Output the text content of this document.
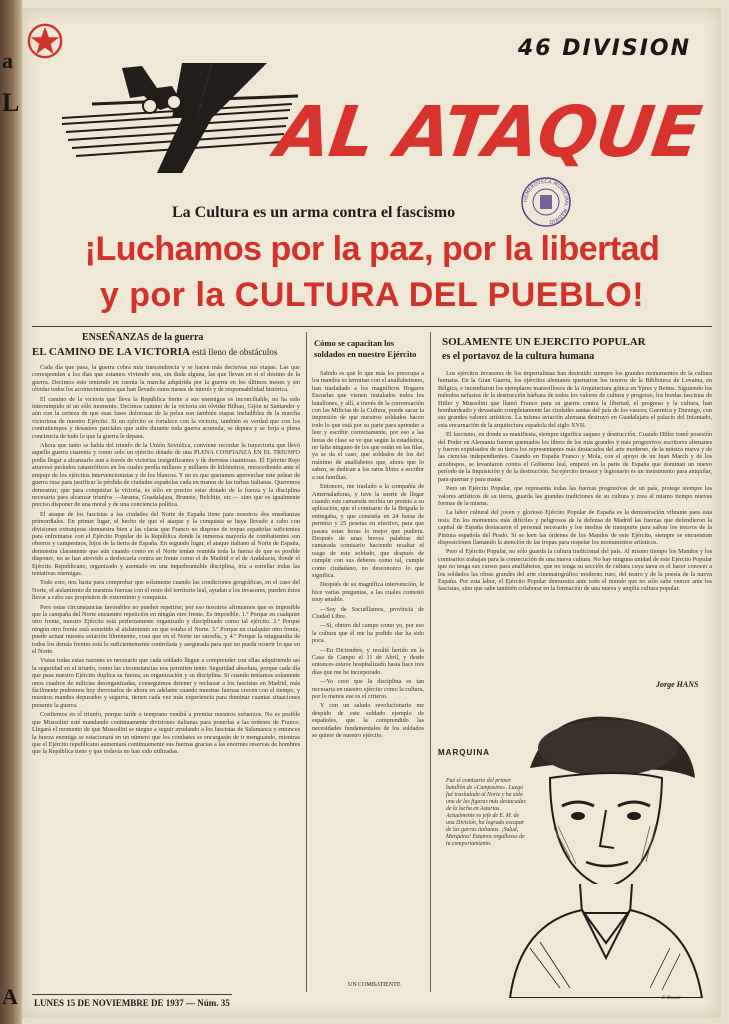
a
L
A
46 DIVISION
AL ATAQUE
HEMEROTECA MUNICIPAL MADRID
La Cultura es un arma contra el fascismo
¡Luchamos por la paz, por la libertad
y por la CULTURA DEL PUEBLO!
ENSEÑANZAS de la guerra
EL CAMINO DE LA VICTORIA está lleno de obstáculos

Cada día que pasa, la guerra cobra más trascendencia y se hacen más decisivas sus etapas. Las que corresponden a los días que estamos viviendo son, sin duda alguna, las que llevan en sí el destino de la guerra. Decimos esto teniendo en cuenta la marcha adquirida por la guerra en los últimos meses y sin olvidar todos los acontecimientos que han llevado estos meses de interés y de responsabilidad histórica.

El camino de la victoria que lleva la República frente a sus enemigos es inconciliable, no ha sido interrumpido ni un sólo momento. Decimos camino de la victoria sin olvidar Bilbao, Gijón ni Santander y aún con la certeza de que esas fases dolorosas de la pelea son también etapas ineludibles de la marcha victoriosa de nuestro Ejército. Si un ejército se fortalece con la victoria, también es verdad que con los contratiempos y desastres parciales que sufre durante toda guerra acumula, se depura y se forja a plena conciencia de todo lo que la guerra le depara.

Ahora que tanto se habla del triunfo de la Unión Soviética, conviene recordar la trayectoria que llevó aquella guerra cuarenta y como solo un ejército dotado de una PLENA CONFIANZA EN EL TRIUNFO podía llegar a alcanzarlo aun a través de victorias insignificantes y de derrotas cuantiosas. El Ejército Rojo atravesó períodos catastróficos en los cuales perdía millares y millares de kilómetros, retrocediendo ante el empuje de los ejércitos intervencionistas y de los blancos. Y no es que queramos aprovechar este pelear de guerra rusa para justificar la pérdida de ciudades españolas cada en manos de las turbas italianas. Queremos demostrar, que para conquistar la victoria, es sólo en preciso estar dotado de la fuerza y la disciplina necesaria para alcanzar triunfos —Jarama, Guadalajara, Brunete, Belchite, etc.— sino que es igualmente preciso disponer de una moral y de una conciencia política.

El ataque de los fascistas a las ciudades del Norte de España tiene para nosotros dos enseñanzas primordiales. En primer lugar, el hecho de que el ataque y la conquista se haya llevado a cabo con divisiones extranjeras demuestra bien a las claras que Franco no dispone de tropas españolas suficientes para enfrentarse con el Ejército Popular de la República donde la inmensa mayoría de combatientes son obreros y campesinos, hijos de la tierra de España. En segundo lugar, el ataque italiano al Norte de España, demuestra claramente que aún cuando como en el Norte tenían reunida toda la fuerza de que es posible disponer, no se han atrevido a desbocarla contra un frente como el de Madrid o el de Andalucía, donde el Ejército Republicano, organizado y asentado en una inquebrantable disciplina, iría a estrellar todas las tentativas enemigas.

Todo esto, nos basta para comprobar que solamente cuando las condiciones geográficas, en el caso del Norte, el aislamiento de nuestras fuerzas con el resto del territorio leal, ayudan a los invasores, pueden éstos llevar a cabo sus propósitos de exterminio y conquista.

Pero estas circunstancias favorables no pueden repetirse; por eso nosotros afirmamos que es imposible que la campaña del Norte encuentre repetición en ningún otro frente. Es imposible. 1.º Porque en cualquier otro frente, nuestro Ejército está perfectamente organizado y disciplinado como tal ejército. 2.º Porque ningún otro frente está sometido al aislamiento en que estaba el Norte. 3.º Porque en cualquier otro frente, puede actuar nuestra aviación libremente, cosa que en el Norte no sucedía, y 4.º Porque la retaguardia de todos los demás frentes está lo suficientemente controlada y asegurada para que no pueda ocurrir lo que en el Norte.

Vistas todas estas razones es necesario que cada soldado llegue a comprender con ellas adquiriendo así la seguridad en el triunfo, como las circunstancias nos permiten tener. Seguridad absoluta, porque cada día que pasa nuestro Ejército duplica su fuerza, su organización y su disciplina. Si cuando teníamos solamente unos cuadros de milicias desorganizadas, conseguimos detener y rechazar a los fascistas en Madrid, más fácilmente podremos hoy derrotarlos de ahora en adelante cuando nuestras fuerzas crecen con el tiempo, y nuestros mandos depurados y seguros, tienen cada vez más experiencia para dominar cuantas situaciones presente la guerra.

Confiemos en el triunfo, porque tarde o temprano vendrá a premiar nuestros esfuerzos. No es posible que Mussolini esté mandando continuamente divisiones italianas para ponerlas a las órdenes de Franco. Llegará el momento de que Mussolini se niegue a seguir ayudando a los fascistas de Salamanca y entonces la fuerza enemiga se estacionará en un número que los combates se encargarán de ir menguando, mientras que el Ejército republicano aumentará continuamente sus fuerzas gracias a las enormes reservas de hombres que la República tiene y que todavía no han sido utilizadas.

Cómo se capacitan los soldados en nuestro Ejército

Sabido es que lo que más les preocupa a los mandos es terminar con el analfabetismo, han trasladado a los magníficos Hogares Escuelas que vienen instalados todos los batallones, y allí, a través de la conversación con las Milicias de la Cultura, puede sacar la impresión de que nuestros soldados hacen todo lo que está por su parte para aprender a leer y escribir correctamente, por eso a las horas de clase se ve que según la estadística, no falta ninguno de los que están en las filas, ya se da el caso, que soldados de los del máximo de analfabetos que, ahora que lo saben, se dedican a los ratos libres a escribir a sus familias.

Entonces, me traslado a la compañía de Amernaladoras, y tuve la suerte de llegar cuando este camarada recibía un premio a su aplicación, que el comisario de la Brigada le entregaba, y que consistía en 24 horas de permiso y 25 pesetas en efectivo, para que pasara estas horas lo mejor que pudiera. Después de unas breves palabras del camarada comisario haciendo resaltar el rasgo de este soldado, que después de cumplir con sus deberes como tal, cumple como ciudadano, no desconozco lo que significa.

Después de su magnífica intervención, le hice varias preguntas, a las cuales contestó muy amable.

—Soy de Socuéllamos, provincia de Ciudad Libre.

—Sí, obrero del campo como yo, por eso la cultura que él me ha podido dar ha sido poca.

—En Diciembre, y resulté herido en la Casa de Campo el 11 de Abril, y desde entonces estuve hospitalizado hasta hace tres días que me he incorporado.

—Yo creo que la disciplina es tan necesaria en nuestro ejército como la cultura, por lo menos ese es el criterio.

Y con un saludo revolucionario me despido de este soldado ejemplo de españoles, que la comprendido las necesidades fundamentales de los soldados se quiere de nuestro ejército.

UN COMBATIENTE
SOLAMENTE UN EJERCITO POPULAR
es el portavoz de la cultura humana

Los ejércitos invasores de los imperialistas han destruido siempre los grandes monumentos de la cultura humana. En la Gran Guerra, los ejércitos alemanes quemaron los tesoros de la Biblioteca de Lovaina, en Bélgica, e incendiaron los ejemplares maravillosos de la Arquitectura gótica en Ypres y Reims. Siguiendo los métodos nefastos de la destrucción bárbara de todos los valores de cultura y progreso, los hordas fascistas de Hitler y Mussolini que llamó Franco para su guerra contra la libertad, el progreso y la cultura, han bombardeado y devastado completamente las ciudades santas del país de los vascos; Guernica y Durango, con sus grandes valores artísticos. La misma aviación alemana destruyó en Guadalajara el palacio del Infantado, esta encarnación de la arquitectura española del siglo XVII.

El fascismo, en donde se manifiesta, siempre significa saqueo y destrucción. Cuando Hitler tomó posesión del Poder en Alemania fueron quemados los libros de los más grandes y más progresivos escritores alemanes y fueron expulsados de su tierra los representantes más destacados del arte moderno, de la música nueva y de las ciencias independientes. Cuando en España Franco y Mola, con el apoyo de un Juan March y de los arzobispos, se levantaron contra el Gobierno leal, empezó en la parte de España que dominan un nuevo período de la Inquisición y de la destrucción. Su ejército invasor y legionario es un instrumento para aniquilar, para quemar y para matar.

Pero un Ejército Popular, que representa todas las fuerzas progresivas de un país, protege siempre los valores artísticos de su tierra, guarda las grandes tradiciones de su cultura y crea al mismo tiempo nuevas formas de la misma.

La labor cultural del joven y glorioso Ejército Popular de España es la demostración vibrante para esta tesis. En los momentos más difíciles y peligrosos de la defensa de Madrid las fuerzas que defendieron la capital de España destacaron el personal necesario y los medios de transporte para salvar los tesoros de la Pintura española del Prado. Si se leen las órdenes de los Mandos de este Ejército, siempre se encuentran disposiciones llamando la atención de las tropas para respetar los monumentos artísticos.

Pero el Ejército Popular, no sólo guarda la cultura tradicional del país. Al mismo tiempo los Mandos y los comisarios trabajan para la consecución de una nueva cultura. No hay ninguna unidad de este Ejército Popular que no tenga sus cursos para analfabetos, que no tenga su sección de cultura cuya tarea es el hacer conocer a los soldados las obras grandes del arte cinematográfico moderno ruso, del teatro y de la poesía de la nueva España. Por esta labor, el Ejército Popular demuestra ante todo el mundo que no sólo sabe vencer ante los fascistas, sino que sabe también colaborar en la formación de una nueva y amplia cultura popular.

Jorge HANS
MARQUINA
Fué el comisario del primer batallón de «Campesino». Luego fué trasladado al Norte y ha sido una de las figuras más destacadas de la lucha en Asturias. Actualmente es jefe de E. M. de una División, ha logrado escapar de las garras italianas. ¡Salud, Marquina! Estamos orgullosos de tu comportamiento.
F. Dosset
LUNES 15 DE NOVIEMBRE DE 1937 — Núm. 35
